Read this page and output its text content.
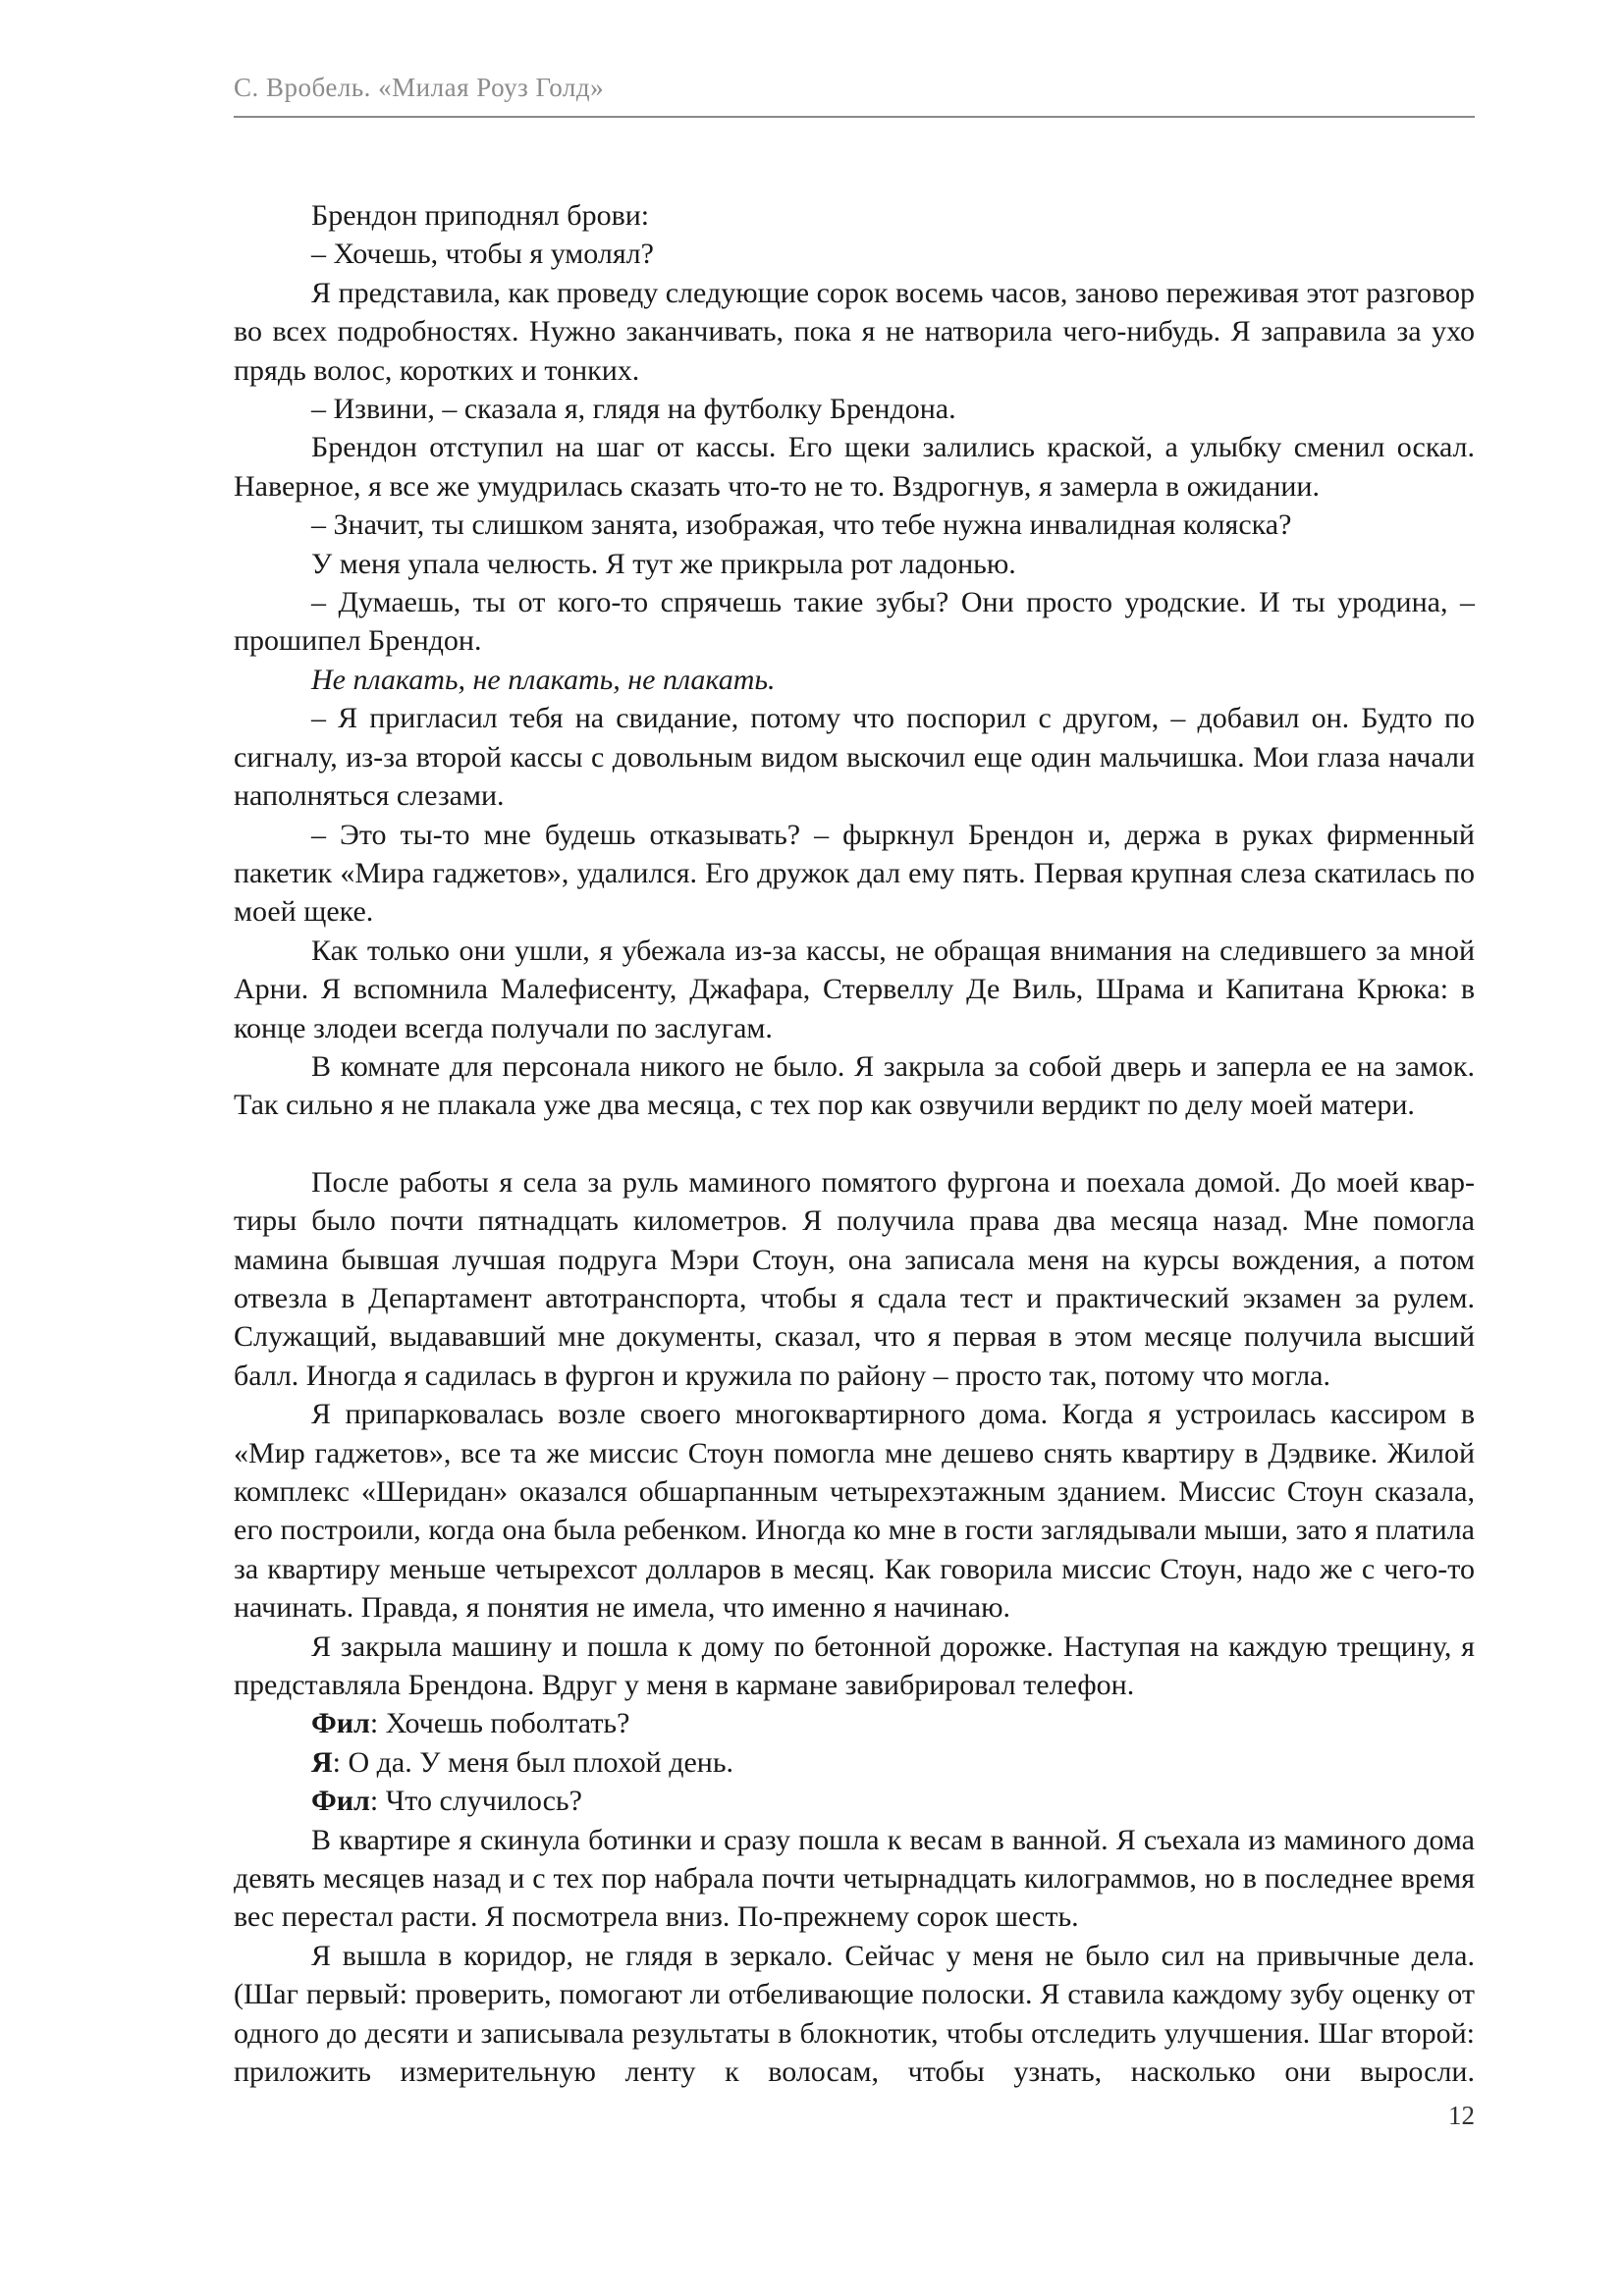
С. Вробель. «Милая Роуз Голд»

Брендон приподнял брови:

– Хочешь, чтобы я умолял?

Я представила, как проведу следующие сорок восемь часов, заново переживая этот разговор во всех подробностях. Нужно заканчивать, пока я не натворила чего-нибудь. Я заправила за ухо прядь волос, коротких и тонких.

– Извини, – сказала я, глядя на футболку Брендона.

Брендон отступил на шаг от кассы. Его щеки залились краской, а улыбку сменил оскал. Наверное, я все же умудрилась сказать что-то не то. Вздрогнув, я замерла в ожидании.

– Значит, ты слишком занята, изображая, что тебе нужна инвалидная коляска?

У меня упала челюсть. Я тут же прикрыла рот ладонью.

– Думаешь, ты от кого-то спрячешь такие зубы? Они просто уродские. И ты уродина, – прошипел Брендон.

Не плакать, не плакать, не плакать.

– Я пригласил тебя на свидание, потому что поспорил с другом, – добавил он. Будто по сигналу, из-за второй кассы с довольным видом выскочил еще один мальчишка. Мои глаза начали наполняться слезами.

– Это ты-то мне будешь отказывать? – фыркнул Брендон и, держа в руках фирменный пакетик «Мира гаджетов», удалился. Его дружок дал ему пять. Первая крупная слеза скатилась по моей щеке.

Как только они ушли, я убежала из-за кассы, не обращая внимания на следившего за мной Арни. Я вспомнила Малефисенту, Джафара, Стервеллу Де Виль, Шрама и Капитана Крюка: в конце злодеи всегда получали по заслугам.

В комнате для персонала никого не было. Я закрыла за собой дверь и заперла ее на замок. Так сильно я не плакала уже два месяца, с тех пор как озвучили вердикт по делу моей матери.

После работы я села за руль маминого помятого фургона и поехала домой. До моей квартиры было почти пятнадцать километров. Я получила права два месяца назад. Мне помогла мамина бывшая лучшая подруга Мэри Стоун, она записала меня на курсы вождения, а потом отвезла в Департамент автотранспорта, чтобы я сдала тест и практический экзамен за рулем. Служащий, выдававший мне документы, сказал, что я первая в этом месяце получила высший балл. Иногда я садилась в фургон и кружила по району – просто так, потому что могла.

Я припарковалась возле своего многоквартирного дома. Когда я устроилась кассиром в «Мир гаджетов», все та же миссис Стоун помогла мне дешево снять квартиру в Дэдвике. Жилой комплекс «Шеридан» оказался обшарпанным четырехэтажным зданием. Миссис Стоун сказала, его построили, когда она была ребенком. Иногда ко мне в гости заглядывали мыши, зато я платила за квартиру меньше четырехсот долларов в месяц. Как говорила миссис Стоун, надо же с чего-то начинать. Правда, я понятия не имела, что именно я начинаю.

Я закрыла машину и пошла к дому по бетонной дорожке. Наступая на каждую трещину, я представляла Брендона. Вдруг у меня в кармане завибрировал телефон.

Фил: Хочешь поболтать?

Я: О да. У меня был плохой день.

Фил: Что случилось?

В квартире я скинула ботинки и сразу пошла к весам в ванной. Я съехала из маминого дома девять месяцев назад и с тех пор набрала почти четырнадцать килограммов, но в последнее время вес перестал расти. Я посмотрела вниз. По-прежнему сорок шесть.

Я вышла в коридор, не глядя в зеркало. Сейчас у меня не было сил на привычные дела. (Шаг первый: проверить, помогают ли отбеливающие полоски. Я ставила каждому зубу оценку от одного до десяти и записывала результаты в блокнотик, чтобы отследить улучшения. Шаг второй: приложить измерительную ленту к волосам, чтобы узнать, насколько они выросли.

12
